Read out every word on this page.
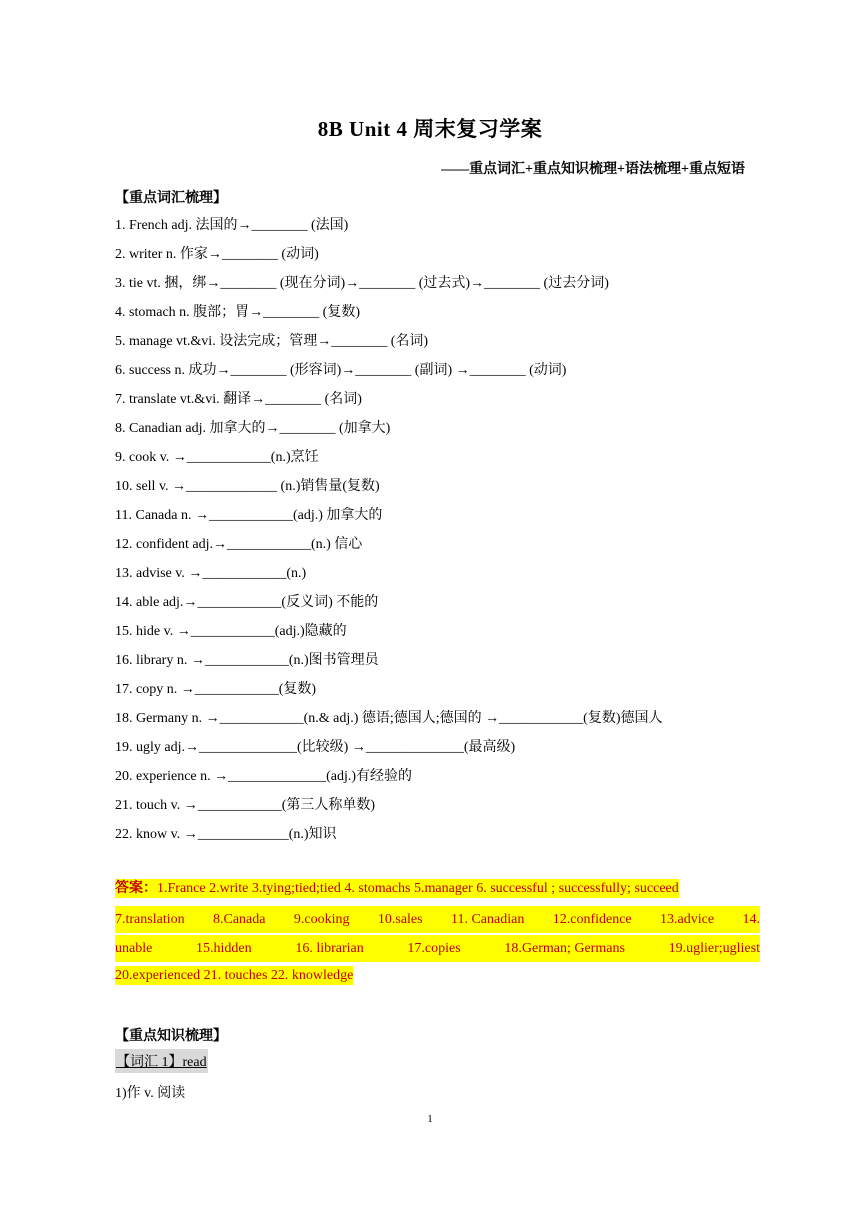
8B Unit 4 周末复习学案
——重点词汇+重点知识梳理+语法梳理+重点短语
【重点词汇梳理】
1. French adj. 法国的→________ (法国)
2. writer n. 作家→________ (动词)
3. tie vt. 捆，绑→________ (现在分词)→________ (过去式)→________ (过去分词)
4. stomach n. 腹部；胃→________ (复数)
5. manage vt.&vi. 设法完成；管理→________ (名词)
6. success n. 成功→________ (形容词)→________ (副词) →________ (动词)
7. translate vt.&vi. 翻译→________ (名词)
8. Canadian adj. 加拿大的→________ (加拿大)
9. cook v. →____________(n.)烹饪
10. sell v. →_____________ (n.)销售量(复数)
11. Canada n. →____________(adj.) 加拿大的
12. confident adj.→____________(n.) 信心
13. advise v. →____________(n.)
14. able adj.→____________(反义词) 不能的
15. hide v. →____________(adj.)隐藏的
16. library n. →____________(n.)图书管理员
17. copy n. →____________(复数)
18. Germany n. →____________(n.& adj.) 德语;德国人;德国的 →____________(复数)德国人
19. ugly adj.→______________(比较级) →______________(最高级)
20. experience n. →______________(adj.)有经验的
21. touch v. →____________(第三人称单数)
22. know v. →_____________(n.)知识
答案：1.France 2.write 3.tying;tied;tied 4. stomachs 5.manager 6. successful ; successfully; succeed
7.translation 8.Canada 9.cooking 10.sales 11. Canadian 12.confidence 13.advice 14.
unable	15.hidden	16. librarian	17.copies	18.German; Germans	19.uglier;ugliest
20.experienced 21. touches 22. knowledge
【重点知识梳理】
【词汇 1】read
1)作 v. 阅读
1
